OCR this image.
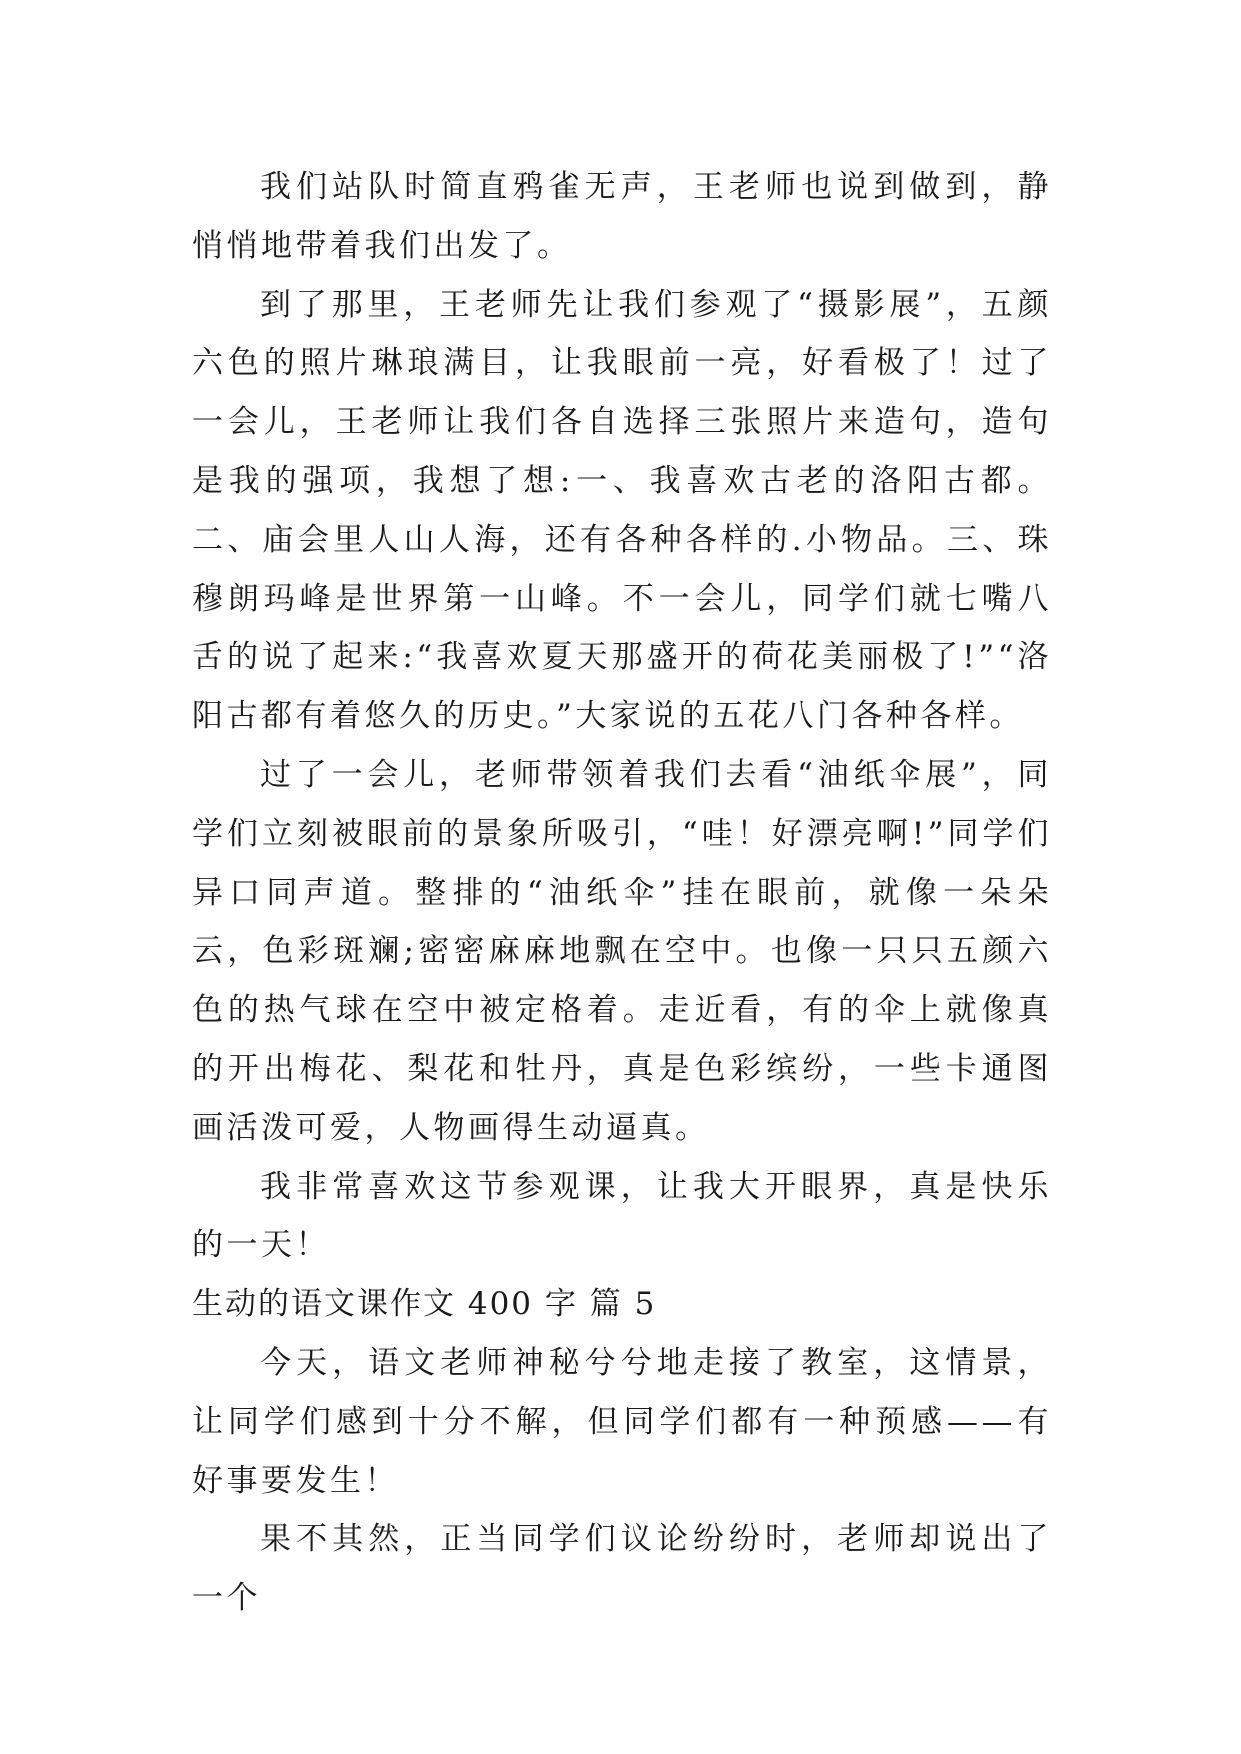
我们站队时简直鸦雀无声，王老师也说到做到，静悄悄地带着我们出发了。

到了那里，王老师先让我们参观了“摄影展”，五颜六色的照片琳琅满目，让我眼前一亮，好看极了！过了一会儿，王老师让我们各自选择三张照片来造句，造句是我的强项，我想了想:一、我喜欢古老的洛阳古都。二、庙会里人山人海，还有各种各样的.小物品。三、珠穆朗玛峰是世界第一山峰。不一会儿，同学们就七嘴八舌的说了起来:“我喜欢夏天那盛开的荷花美丽极了!”“洛阳古都有着悠久的历史。”大家说的五花八门各种各样。

过了一会儿，老师带领着我们去看“油纸伞展”，同学们立刻被眼前的景象所吸引，“哇！好漂亮啊!”同学们异口同声道。整排的“油纸伞”挂在眼前，就像一朵朵云，色彩斑斓;密密麻麻地飘在空中。也像一只只五颜六色的热气球在空中被定格着。走近看，有的伞上就像真的开出梅花、梨花和牡丹，真是色彩缤纷，一些卡通图画活泼可爱，人物画得生动逼真。

我非常喜欢这节参观课，让我大开眼界，真是快乐的一天！

生动的语文课作文 400 字 篇 5

今天，语文老师神秘兮兮地走接了教室，这情景，让同学们感到十分不解，但同学们都有一种预感——有好事要发生！

果不其然，正当同学们议论纷纷时，老师却说出了一个
